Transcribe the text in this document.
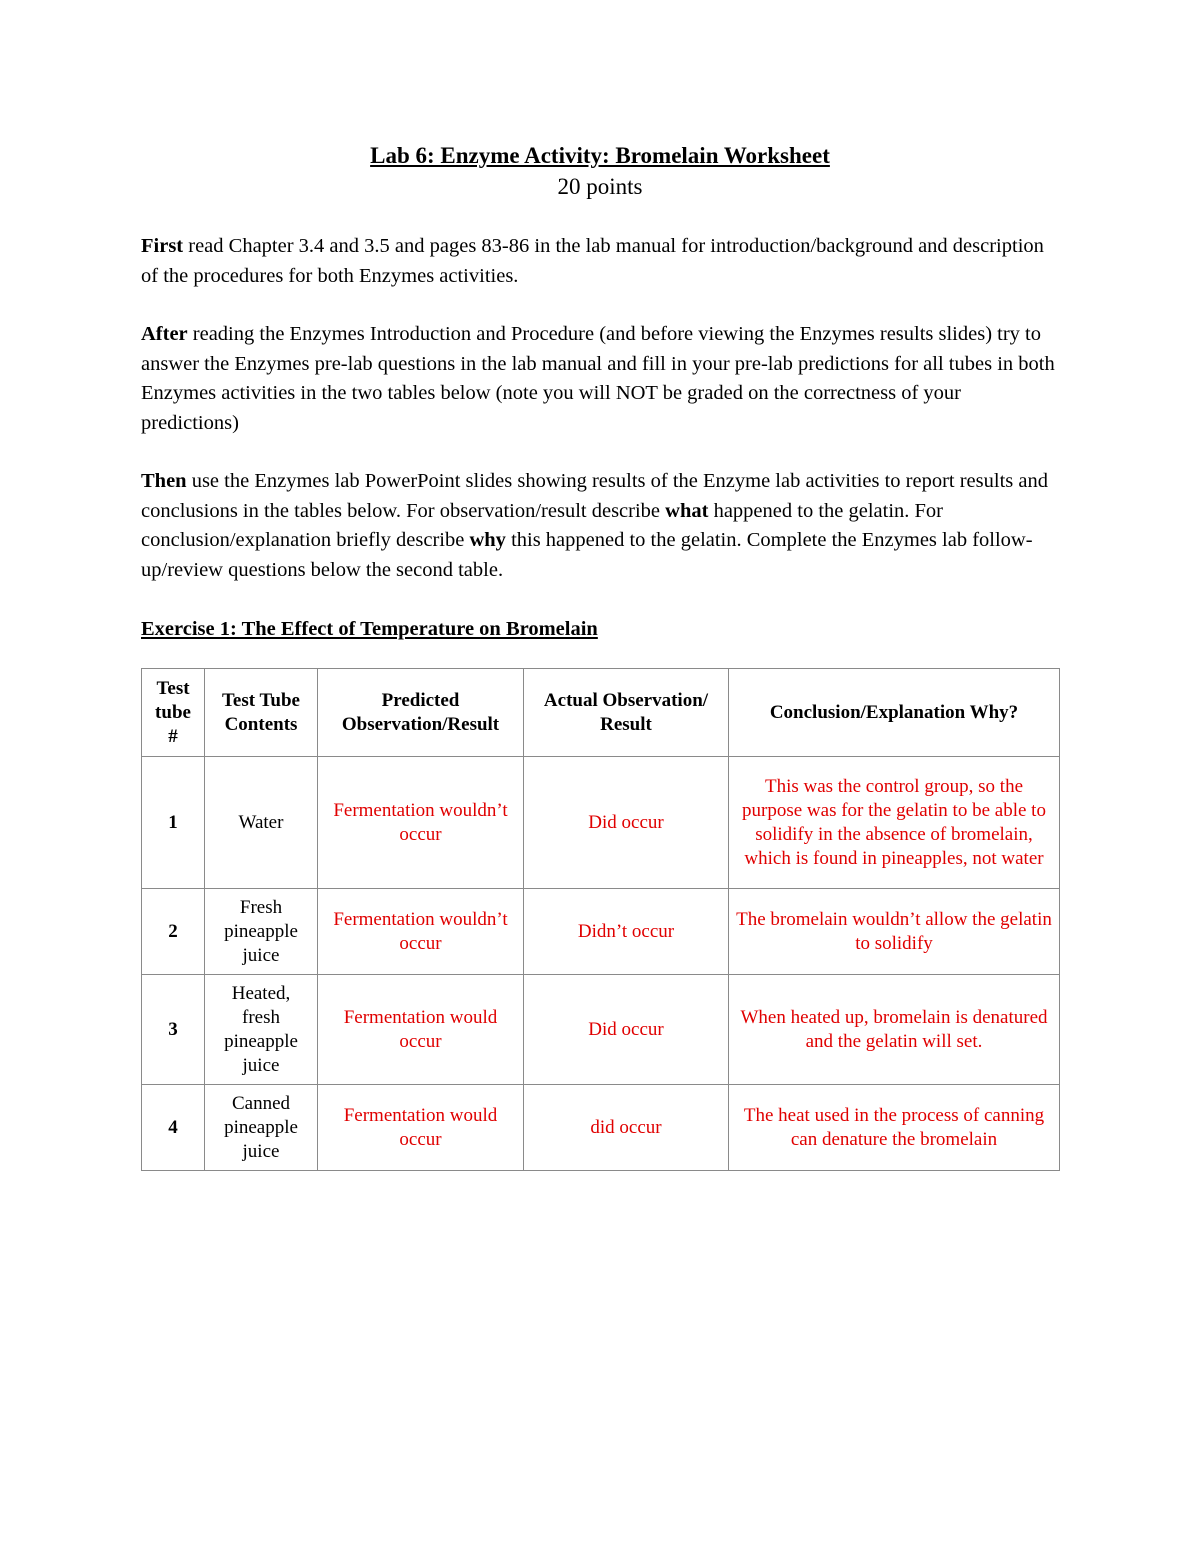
Lab 6: Enzyme Activity: Bromelain Worksheet
20 points

First read Chapter 3.4 and 3.5 and pages 83-86 in the lab manual for introduction/background and description of the procedures for both Enzymes activities.

After reading the Enzymes Introduction and Procedure (and before viewing the Enzymes results slides) try to answer the Enzymes pre-lab questions in the lab manual and fill in your pre-lab predictions for all tubes in both Enzymes activities in the two tables below (note you will NOT be graded on the correctness of your predictions)

Then use the Enzymes lab PowerPoint slides showing results of the Enzyme lab activities to report results and conclusions in the tables below. For observation/result describe what happened to the gelatin. For conclusion/explanation briefly describe why this happened to the gelatin. Complete the Enzymes lab follow-up/review questions below the second table.

Exercise 1: The Effect of Temperature on Bromelain
Test tube #	Test Tube Contents	Predicted Observation/Result	Actual Observation/ Result	Conclusion/Explanation Why?
1	Water	Fermentation wouldn’t occur	Did occur	This was the control group, so the purpose was for the gelatin to be able to solidify in the absence of bromelain, which is found in pineapples, not water
2	Fresh pineapple juice	Fermentation wouldn’t occur	Didn’t occur	The bromelain wouldn’t allow the gelatin to solidify
3	Heated, fresh pineapple juice	Fermentation would occur	Did occur	When heated up, bromelain is denatured and the gelatin will set.
4	Canned pineapple juice	Fermentation would occur	did occur	The heat used in the process of canning can denature the bromelain
